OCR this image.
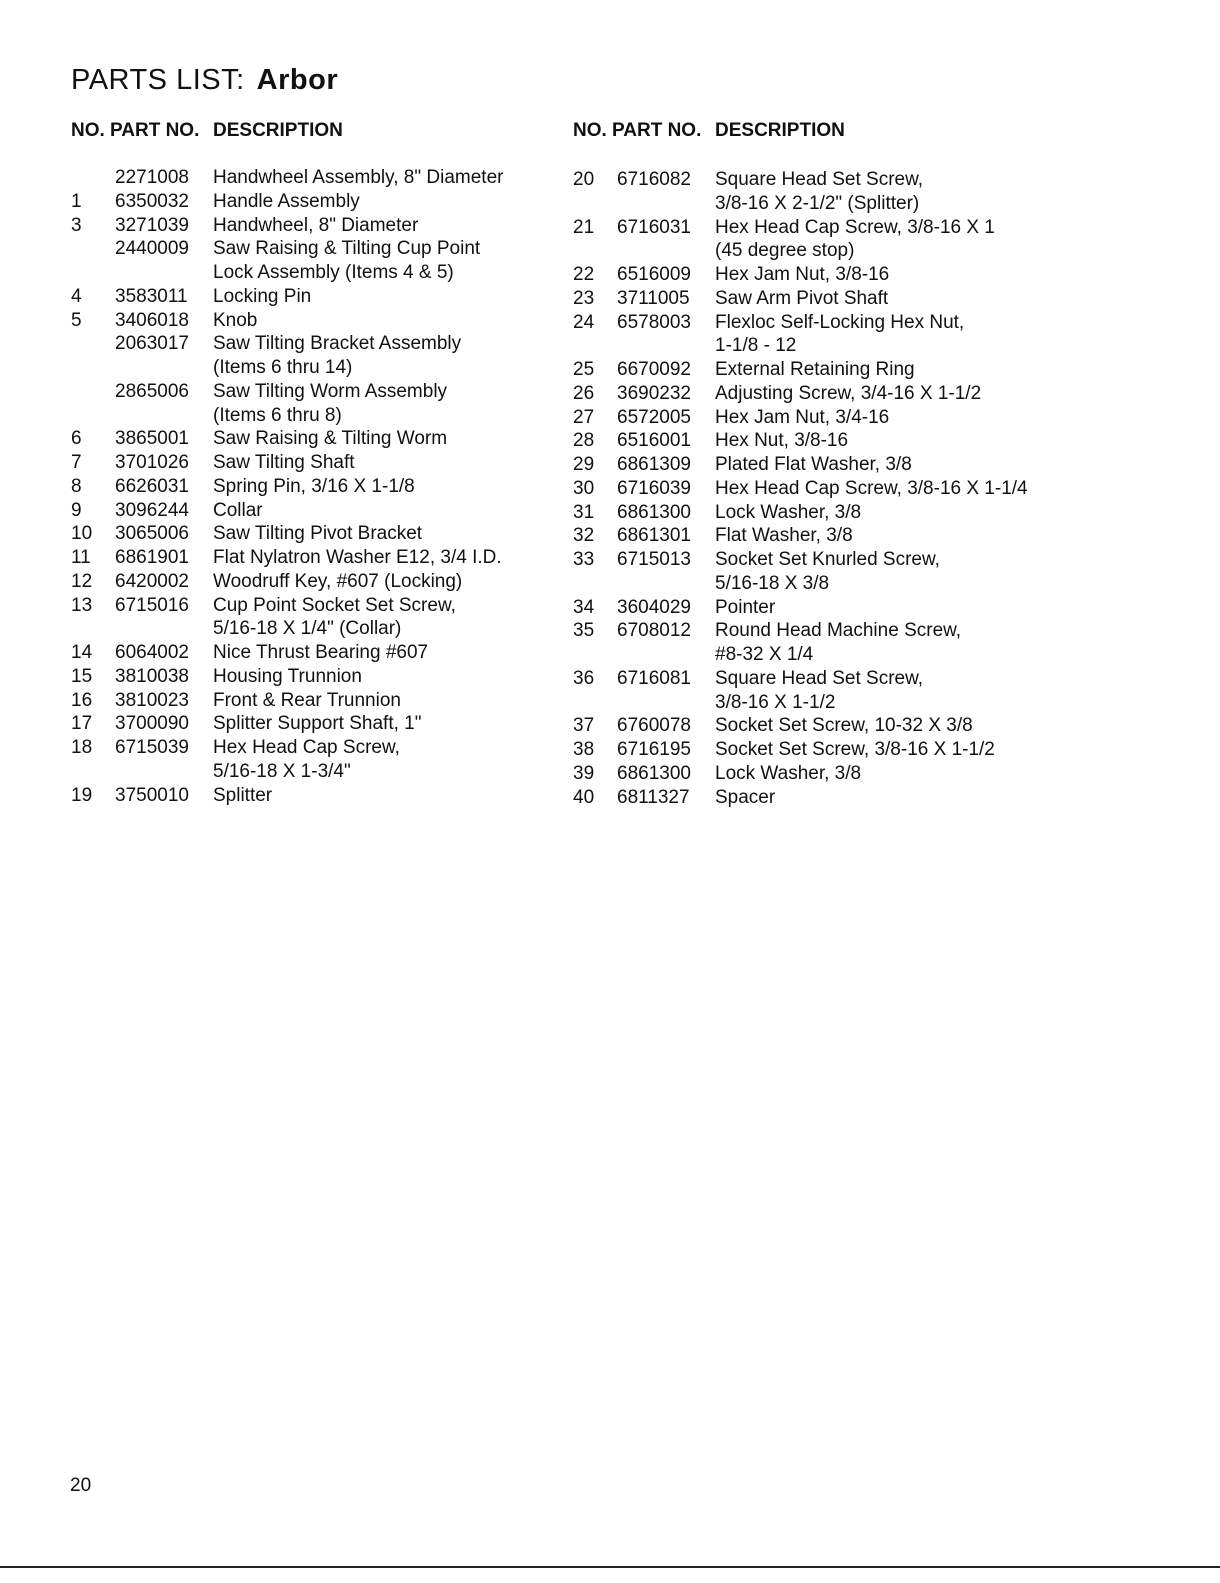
PARTS LIST: Arbor
NO. PART NO. DESCRIPTION
2271008	Handwheel Assembly, 8" Diameter
1	6350032	Handle Assembly
3	3271039	Handwheel, 8" Diameter
2440009	Saw Raising & Tilting Cup Point
Lock Assembly (Items 4 & 5)
4	3583011	Locking Pin
5	3406018	Knob
2063017	Saw Tilting Bracket Assembly
(Items 6 thru 14)
2865006	Saw Tilting Worm Assembly
(Items 6 thru 8)
6	3865001	Saw Raising & Tilting Worm
7	3701026	Saw Tilting Shaft
8	6626031	Spring Pin, 3/16 X 1-1/8
9	3096244	Collar
10	3065006	Saw Tilting Pivot Bracket
11	6861901	Flat Nylatron Washer E12, 3/4 I.D.
12	6420002	Woodruff Key, #607 (Locking)
13	6715016	Cup Point Socket Set Screw,
5/16-18 X 1/4" (Collar)
14	6064002	Nice Thrust Bearing #607
15	3810038	Housing Trunnion
16	3810023	Front & Rear Trunnion
17	3700090	Splitter Support Shaft, 1"
18	6715039	Hex Head Cap Screw,
5/16-18 X 1-3/4"
19	3750010	Splitter
NO. PART NO. DESCRIPTION
20	6716082	Square Head Set Screw,
3/8-16 X 2-1/2" (Splitter)
21	6716031	Hex Head Cap Screw, 3/8-16 X 1
(45 degree stop)
22	6516009	Hex Jam Nut, 3/8-16
23	3711005	Saw Arm Pivot Shaft
24	6578003	Flexloc Self-Locking Hex Nut,
1-1/8 - 12
25	6670092	External Retaining Ring
26	3690232	Adjusting Screw, 3/4-16 X 1-1/2
27	6572005	Hex Jam Nut, 3/4-16
28	6516001	Hex Nut, 3/8-16
29	6861309	Plated Flat Washer, 3/8
30	6716039	Hex Head Cap Screw, 3/8-16 X 1-1/4
31	6861300	Lock Washer, 3/8
32	6861301	Flat Washer, 3/8
33	6715013	Socket Set Knurled Screw,
5/16-18 X 3/8
34	3604029	Pointer
35	6708012	Round Head Machine Screw,
#8-32 X 1/4
36	6716081	Square Head Set Screw,
3/8-16 X 1-1/2
37	6760078	Socket Set Screw, 10-32 X 3/8
38	6716195	Socket Set Screw, 3/8-16 X 1-1/2
39	6861300	Lock Washer, 3/8
40	6811327	Spacer
20
